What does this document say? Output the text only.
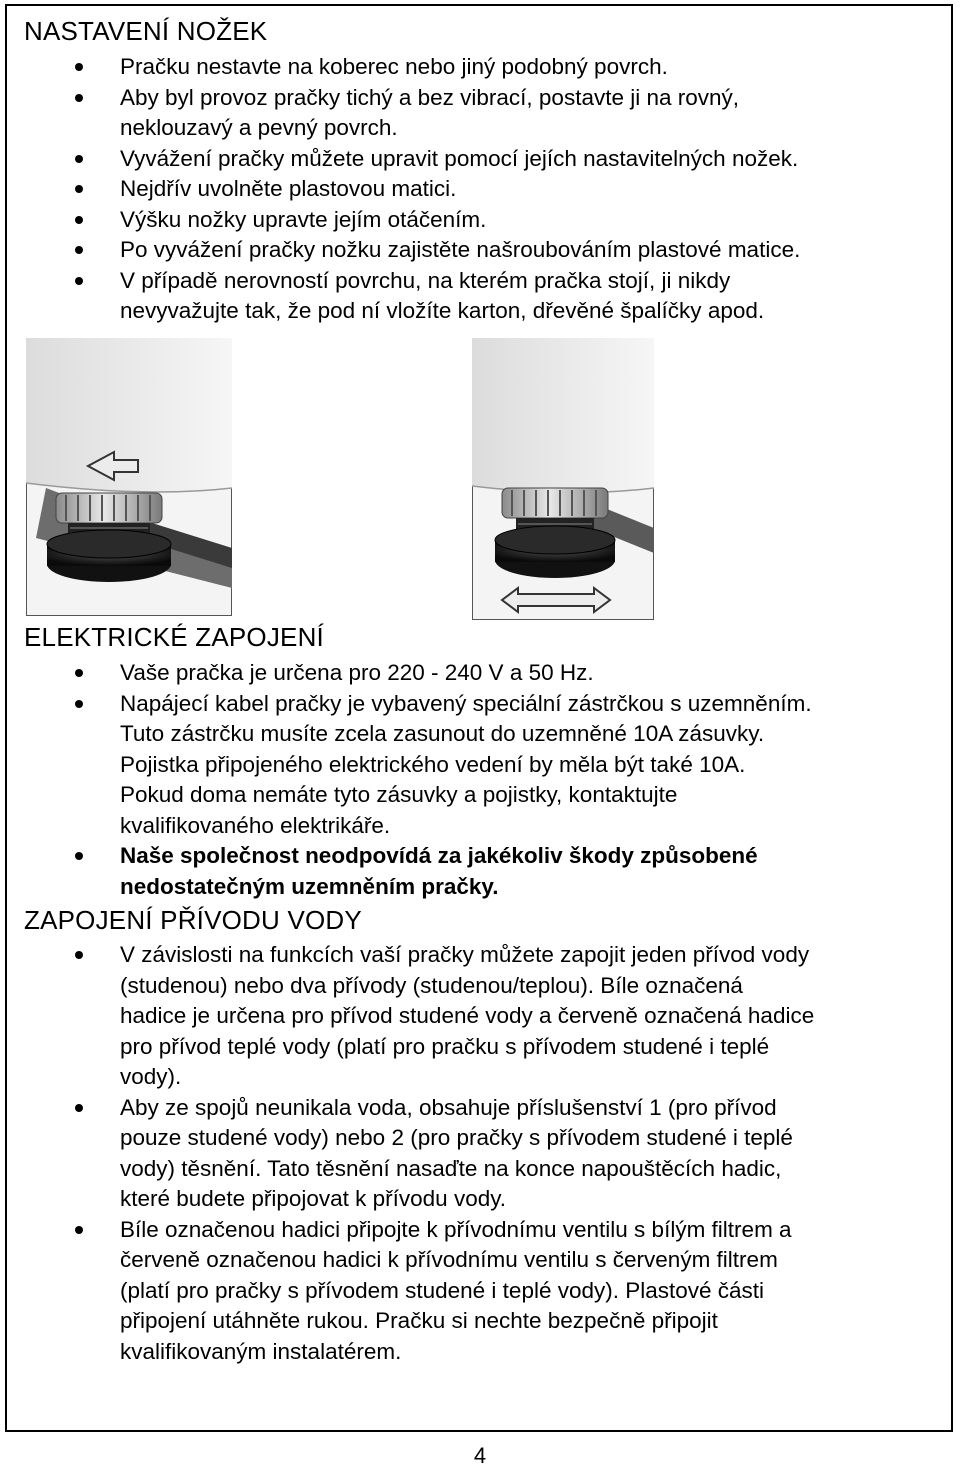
NASTAVENÍ NOŽEK
Pračku nestavte na koberec nebo jiný podobný povrch.
Aby byl provoz pračky tichý a bez vibrací, postavte ji na rovný,
neklouzavý a pevný povrch.
Vyvážení pračky můžete upravit pomocí jejích nastavitelných nožek.
Nejdřív uvolněte plastovou matici.
Výšku nožky upravte jejím otáčením.
Po vyvážení pračky nožku zajistěte našroubováním plastové matice.
V případě nerovností povrchu, na kterém pračka stojí, ji nikdy
nevyvažujte tak, že pod ní vložíte karton, dřevěné špalíčky apod.
ELEKTRICKÉ ZAPOJENÍ
Vaše pračka je určena pro 220 - 240 V a 50 Hz.
Napájecí kabel pračky je vybavený speciální zástrčkou s uzemněním.
Tuto zástrčku musíte zcela zasunout do uzemněné 10A zásuvky.
Pojistka připojeného elektrického vedení by měla být také 10A.
Pokud doma nemáte tyto zásuvky a pojistky, kontaktujte
kvalifikovaného elektrikáře.
Naše společnost neodpovídá za jakékoliv škody způsobené
nedostatečným uzemněním pračky.
ZAPOJENÍ PŘÍVODU VODY
V závislosti na funkcích vaší pračky můžete zapojit jeden přívod vody
(studenou) nebo dva přívody (studenou/teplou). Bíle označená
hadice je určena pro přívod studené vody a červeně označená hadice
pro přívod teplé vody (platí pro pračku s přívodem studené i teplé
vody).
Aby ze spojů neunikala voda, obsahuje příslušenství 1 (pro přívod
pouze studené vody) nebo 2 (pro pračky s přívodem studené i teplé
vody) těsnění. Tato těsnění nasaďte na konce napouštěcích hadic,
které budete připojovat k přívodu vody.
Bíle označenou hadici připojte k přívodnímu ventilu s bílým filtrem a
červeně označenou hadici k přívodnímu ventilu s červeným filtrem
(platí pro pračky s přívodem studené i teplé vody). Plastové části
připojení utáhněte rukou. Pračku si nechte bezpečně připojit
kvalifikovaným instalatérem.
4
